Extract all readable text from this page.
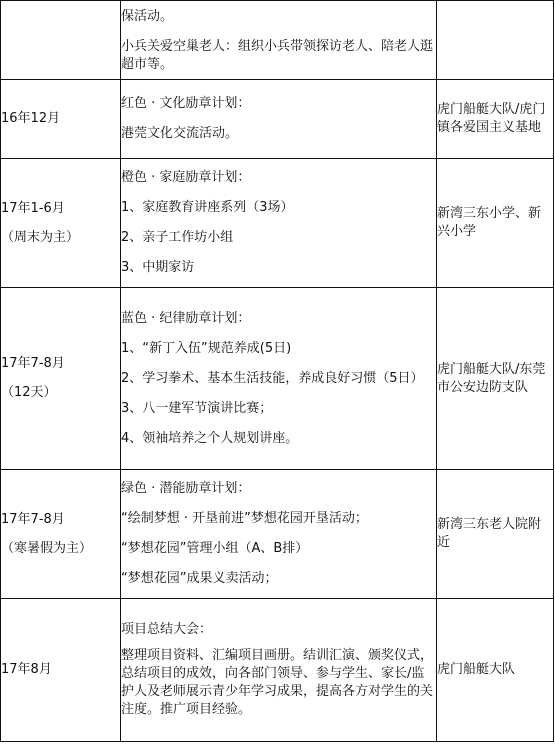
	保活动。
小兵关爱空巢老人：组织小兵带领探访老人、陪老人逛超市等。	

16年12月	红色 · 文化励章计划：
港莞文化交流活动。	虎门船艇大队/虎门镇各爱国主义基地

17年1-6月
（周末为主）	橙色 · 家庭励章计划：
1、家庭教育讲座系列（3场）
2、亲子工作坊小组
3、中期家访	新湾三东小学、新兴小学

17年7-8月
（12天）	蓝色 · 纪律励章计划：
1、“新丁入伍”规范养成(5日)
2、学习拳术、基本生活技能，养成良好习惯（5日）
3、八一建军节演讲比赛；
4、领袖培养之个人规划讲座。	虎门船艇大队/东莞市公安边防支队

17年7-8月
（寒暑假为主）	绿色 · 潜能励章计划：
“绘制梦想 · 开垦前进”梦想花园开垦活动；
“梦想花园”管理小组（A、B排）
“梦想花园”成果义卖活动；	新湾三东老人院附近

17年8月	项目总结大会：
整理项目资料、汇编项目画册。结训汇演、颁奖仪式，总结项目的成效，向各部门领导、参与学生、家长/监护人及老师展示青少年学习成果，提高各方对学生的关注度。推广项目经验。	虎门船艇大队
